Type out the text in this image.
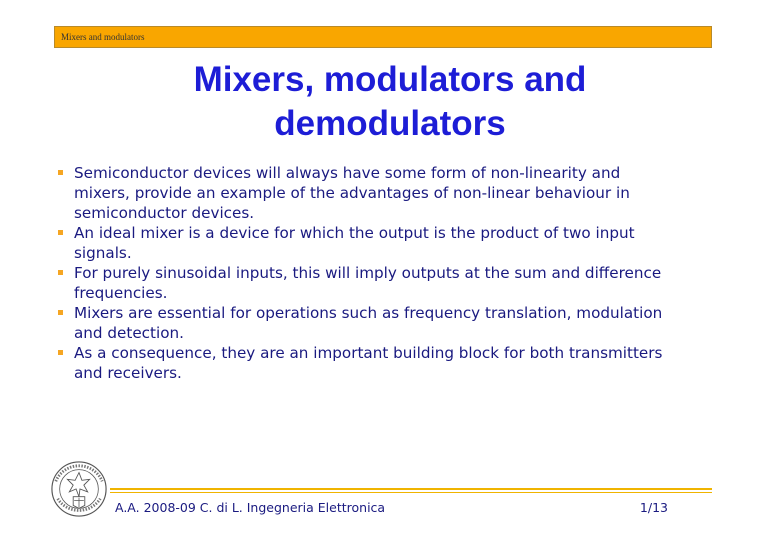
Mixers and modulators
Mixers, modulators and
demodulators
Semiconductor devices will always have some form of non-linearity and mixers, provide an example of the advantages of non-linear behaviour in semiconductor devices.
An ideal mixer is a device for which the output is the product of two input signals.
For purely sinusoidal inputs, this will imply outputs at the sum and difference frequencies.
Mixers are essential for operations such as frequency translation, modulation and detection.
As a consequence, they are an important building block for both transmitters and receivers.
A.A. 2008-09 C. di L. Ingegneria Elettronica	1/13
